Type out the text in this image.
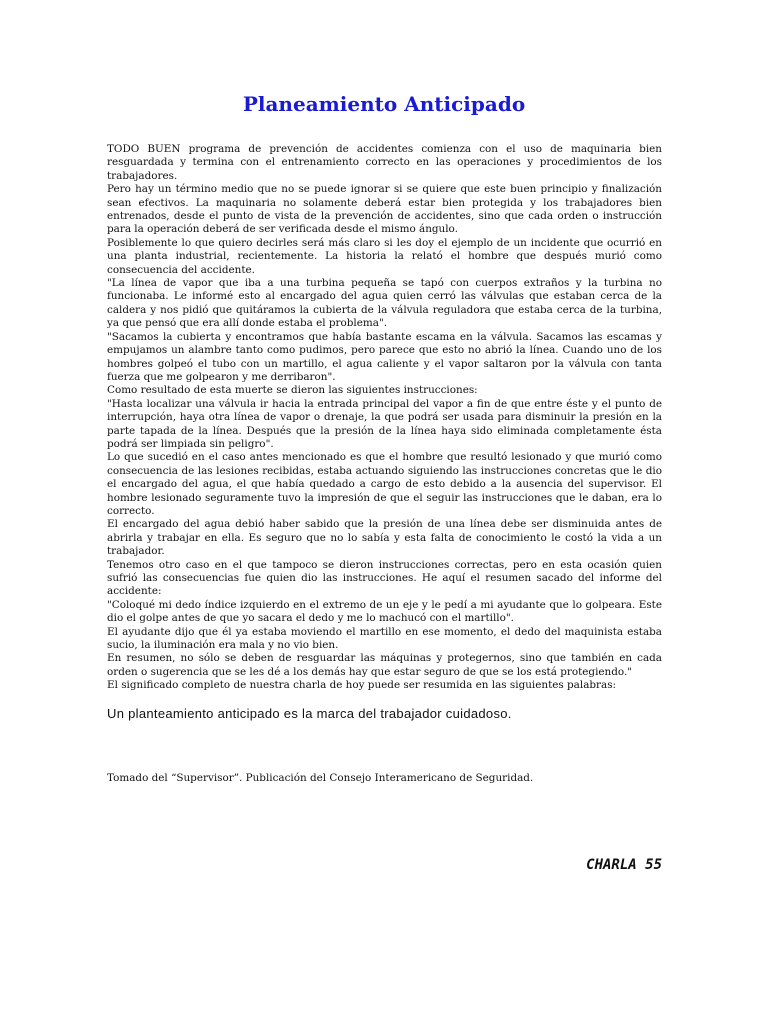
Planeamiento Anticipado

TODO BUEN programa de prevención de accidentes comienza con el uso de maquinaria bien resguardada y termina con el entrenamiento correcto en las operaciones y procedimientos de los trabajadores.

Pero hay un término medio que no se puede ignorar si se quiere que este buen principio y finalización sean efectivos. La maquinaria no solamente deberá estar bien protegida y los trabajadores bien entrenados, desde el punto de vista de la prevención de accidentes, sino que cada orden o instrucción para la operación deberá de ser verificada desde el mismo ángulo.

Posiblemente lo que quiero decirles será más claro si les doy el ejemplo de un incidente que ocurrió en una planta industrial, recientemente. La historia la relató el hombre que después murió como consecuencia del accidente.

"La línea de vapor que iba a una turbina pequeña se tapó con cuerpos extraños y la turbina no funcionaba. Le informé esto al encargado del agua quien cerró las válvulas que estaban cerca de la caldera y nos pidió que quitáramos la cubierta de la válvula reguladora que estaba cerca de la turbina, ya que pensó que era allí donde estaba el problema".

"Sacamos la cubierta y encontramos que había bastante escama en la válvula. Sacamos las escamas y empujamos un alambre tanto como pudimos, pero parece que esto no abrió la línea. Cuando uno de los hombres golpeó el tubo con un martillo, el agua caliente y el vapor saltaron por la válvula con tanta fuerza que me golpearon y me derribaron".

Como resultado de esta muerte se dieron las siguientes instrucciones:

"Hasta localizar una válvula ir hacia la entrada principal del vapor a fin de que entre éste y el punto de interrupción, haya otra línea de vapor o drenaje, la que podrá ser usada para disminuir la presión en la parte tapada de la línea. Después que la presión de la línea haya sido eliminada completamente ésta podrá ser limpiada sin peligro".

Lo que sucedió en el caso antes mencionado es que el hombre que resultó lesionado y que murió como consecuencia de las lesiones recibidas, estaba actuando siguiendo las instrucciones concretas que le dio el encargado del agua, el que había quedado a cargo de esto debido a la ausencia del supervisor. El hombre lesionado seguramente tuvo la impresión de que el seguir las instrucciones que le daban, era lo correcto.

El encargado del agua debió haber sabido que la presión de una línea debe ser disminuida antes de abrirla y trabajar en ella. Es seguro que no lo sabía y esta falta de conocimiento le costó la vida a un trabajador.

Tenemos otro caso en el que tampoco se dieron instrucciones correctas, pero en esta ocasión quien sufrió las consecuencias fue quien dio las instrucciones. He aquí el resumen sacado del informe del accidente:

"Coloqué mi dedo índice izquierdo en el extremo de un eje y le pedí a mi ayudante que lo golpeara. Este dio el golpe antes de que yo sacara el dedo y me lo machucó con el martillo".

El ayudante dijo que él ya estaba moviendo el martillo en ese momento, el dedo del maquinista estaba sucio, la iluminación era mala y no vio bien.

En resumen, no sólo se deben de resguardar las máquinas y protegernos, sino que también en cada orden o sugerencia que se les dé a los demás hay que estar seguro de que se los está protegiendo."

El significado completo de nuestra charla de hoy puede ser resumida en las siguientes palabras:

Un planteamiento anticipado es la marca del trabajador cuidadoso.
Tomado del “Supervisor”. Publicación del Consejo Interamericano de Seguridad.
CHARLA 55
